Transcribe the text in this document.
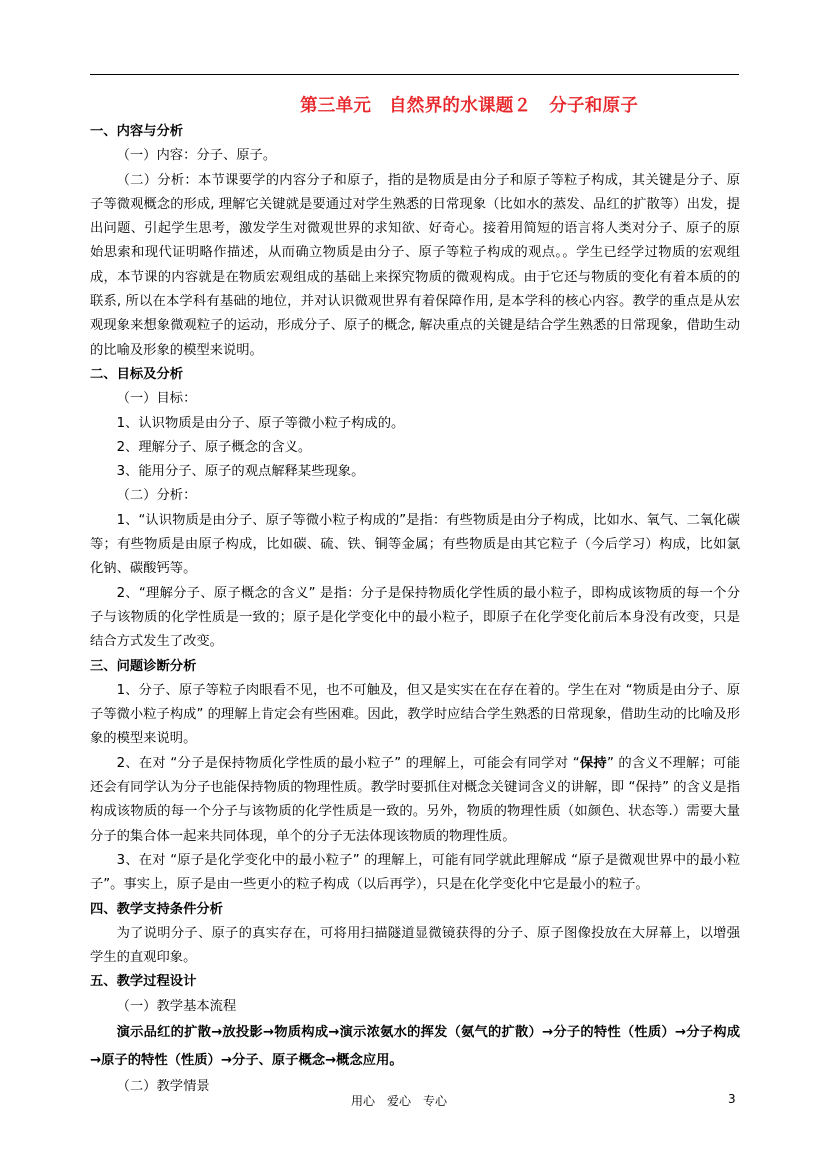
第三单元　自然界的水课题２　分子和原子

一、内容与分析

（一）内容：分子、原子。

（二）分析：本节课要学的内容分子和原子，指的是物质是由分子和原子等粒子构成，其关键是分子、原子等微观概念的形成, 理解它关键就是要通过对学生熟悉的日常现象（比如水的蒸发、品红的扩散等）出发，提出问题、引起学生思考，激发学生对微观世界的求知欲、好奇心。接着用简短的语言将人类对分子、原子的原始思索和现代证明略作描述，从而确立物质是由分子、原子等粒子构成的观点。。学生已经学过物质的宏观组成，本节课的内容就是在物质宏观组成的基础上来探究物质的微观构成。由于它还与物质的变化有着本质的的联系, 所以在本学科有基础的地位，并对认识微观世界有着保障作用, 是本学科的核心内容。教学的重点是从宏观现象来想象微观粒子的运动，形成分子、原子的概念, 解决重点的关键是结合学生熟悉的日常现象，借助生动的比喻及形象的模型来说明。

二、目标及分析

（一）目标：

1、认识物质是由分子、原子等微小粒子构成的。

2、理解分子、原子概念的含义。

3、能用分子、原子的观点解释某些现象。

（二）分析：

1、“认识物质是由分子、原子等微小粒子构成的”是指：有些物质是由分子构成，比如水、氧气、二氧化碳等；有些物质是由原子构成，比如碳、硫、铁、铜等金属；有些物质是由其它粒子（今后学习）构成，比如氯化钠、碳酸钙等。

2、“理解分子、原子概念的含义” 是指：分子是保持物质化学性质的最小粒子，即构成该物质的每一个分子与该物质的化学性质是一致的；原子是化学变化中的最小粒子，即原子在化学变化前后本身没有改变，只是结合方式发生了改变。

三、问题诊断分析

1、分子、原子等粒子肉眼看不见，也不可触及，但又是实实在在存在着的。学生在对 “物质是由分子、原子等微小粒子构成” 的理解上肯定会有些困难。因此，教学时应结合学生熟悉的日常现象，借助生动的比喻及形象的模型来说明。

2、在对 “分子是保持物质化学性质的最小粒子” 的理解上，可能会有同学对 “保持” 的含义不理解；可能还会有同学认为分子也能保持物质的物理性质。教学时要抓住对概念关键词含义的讲解，即 “保持” 的含义是指构成该物质的每一个分子与该物质的化学性质是一致的。另外，物质的物理性质（如颜色、状态等.）需要大量分子的集合体一起来共同体现，单个的分子无法体现该物质的物理性质。

3、在对 “原子是化学变化中的最小粒子” 的理解上，可能有同学就此理解成 “原子是微观世界中的最小粒子”。事实上，原子是由一些更小的粒子构成（以后再学），只是在化学变化中它是最小的粒子。

四、教学支持条件分析

为了说明分子、原子的真实存在，可将用扫描隧道显微镜获得的分子、原子图像投放在大屏幕上，以增强学生的直观印象。

五、教学过程设计

（一）教学基本流程

演示品红的扩散→放投影→物质构成→演示浓氨水的挥发（氨气的扩散）→分子的特性（性质）→分子构成→原子的特性（性质）→分子、原子概念→概念应用。

（二）教学情景

用心　爱心　专心	3
